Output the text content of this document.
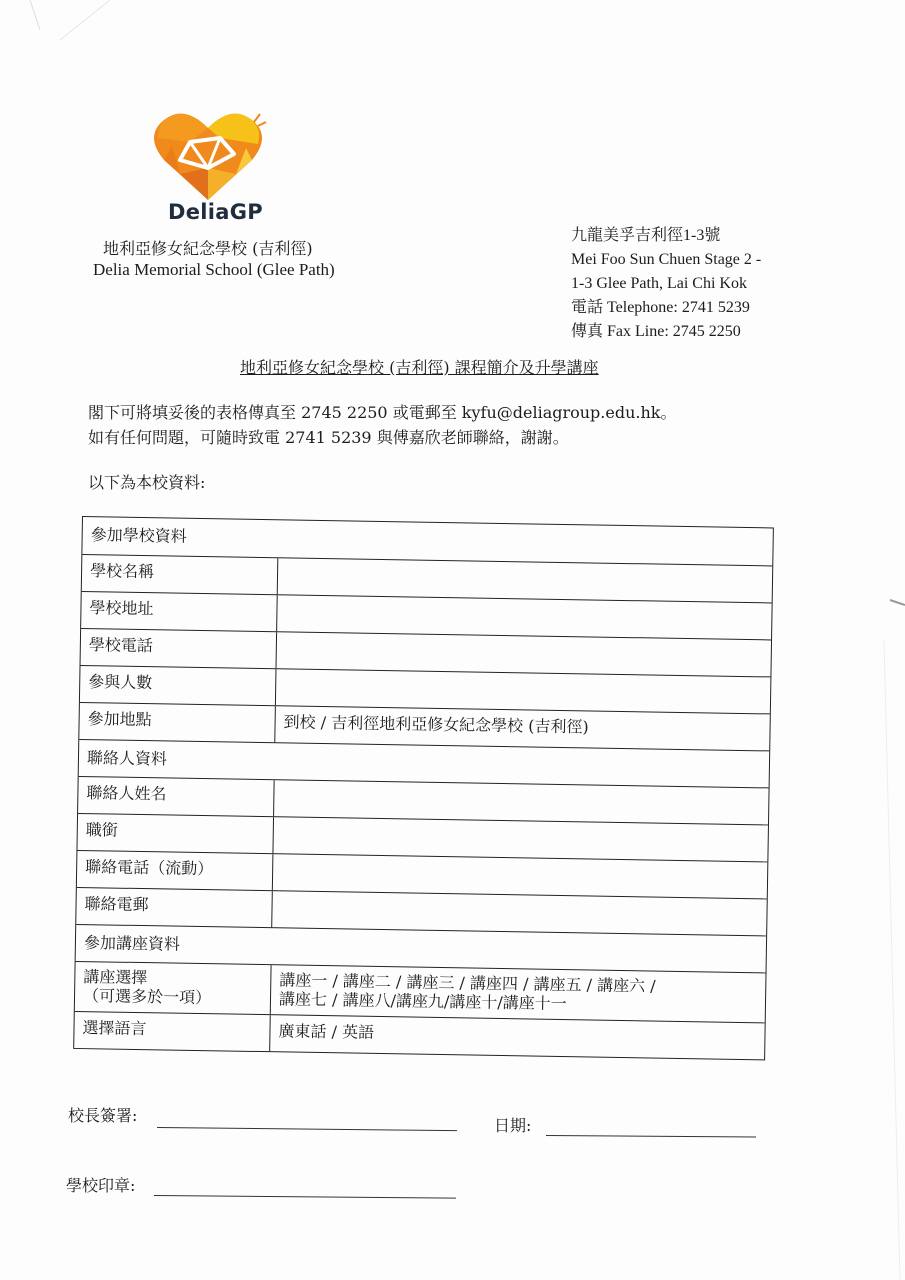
DeliaGP
地利亞修女紀念學校 (吉利徑)
Delia Memorial School (Glee Path)
九龍美孚吉利徑1-3號
Mei Foo Sun Chuen Stage 2 -
1-3 Glee Path, Lai Chi Kok
電話 Telephone: 2741 5239
傳真 Fax Line: 2745 2250
地利亞修女紀念學校 (吉利徑) 課程簡介及升學講座
閣下可將填妥後的表格傳真至 2745 2250 或電郵至 kyfu@deliagroup.edu.hk。
如有任何問題，可隨時致電 2741 5239 與傅嘉欣老師聯絡，謝謝。
以下為本校資料:
參加學校資料
學校名稱
學校地址
學校電話
參與人數
參加地點	到校 / 吉利徑地利亞修女紀念學校 (吉利徑)
聯絡人資料
聯絡人姓名
職銜
聯絡電話（流動）
聯絡電郵
參加講座資料
講座選擇
（可選多於一項）
講座一 / 講座二 / 講座三 / 講座四 / 講座五 / 講座六 /
講座七 / 講座八/講座九/講座十/講座十一
選擇語言	廣東話 / 英語
校長簽署:
日期:
學校印章:
